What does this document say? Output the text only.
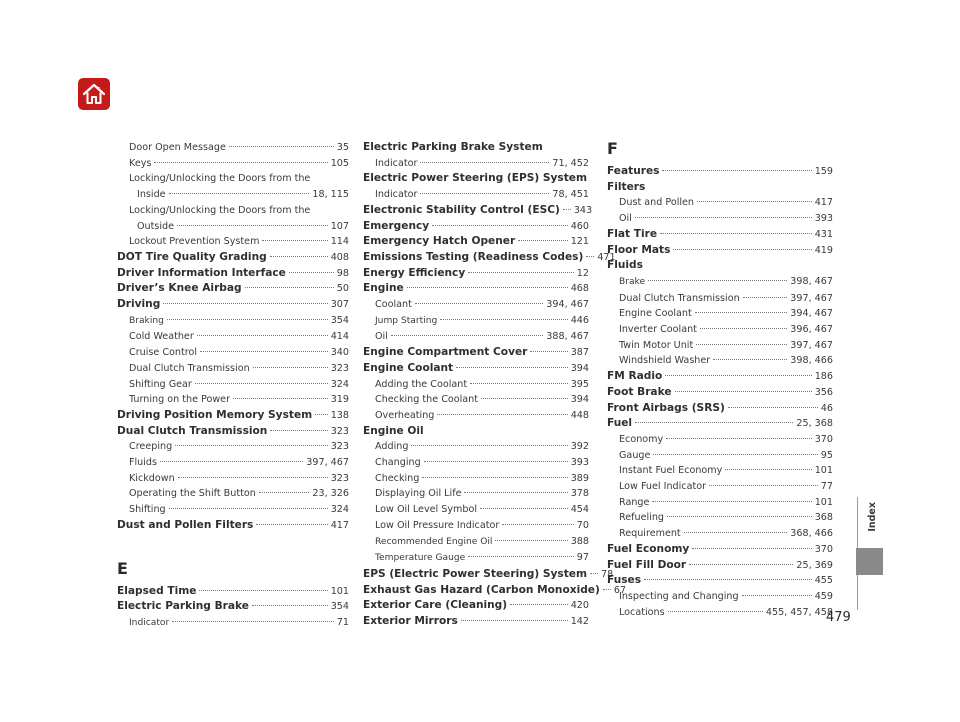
Door Open Message	35
Keys	105
Locking/Unlocking the Doors from the
Inside	18, 115
Locking/Unlocking the Doors from the
Outside	107
Lockout Prevention System	114
DOT Tire Quality Grading	408
Driver Information Interface	98
Driver’s Knee Airbag	50
Driving	307
Braking	354
Cold Weather	414
Cruise Control	340
Dual Clutch Transmission	323
Shifting Gear	324
Turning on the Power	319
Driving Position Memory System 138
Dual Clutch Transmission	323
Creeping	323
Fluids	397, 467
Kickdown	323
Operating the Shift Button	23, 326
Shifting	324
Dust and Pollen Filters	417
E
Elapsed Time	101
Electric Parking Brake	354
Indicator	71
Electric Parking Brake System
Indicator	71, 452
Electric Power Steering (EPS) System
Indicator	78, 451
Electronic Stability Control (ESC) 343
Emergency	460
Emergency Hatch Opener	121
Emissions Testing (Readiness Codes) 471
Energy Efficiency	12
Engine	468
Coolant	394, 467
Jump Starting	446
Oil	388, 467
Engine Compartment Cover	387
Engine Coolant	394
Adding the Coolant	395
Checking the Coolant	394
Overheating	448
Engine Oil
Adding	392
Changing	393
Checking	389
Displaying Oil Life	378
Low Oil Level Symbol	454
Low Oil Pressure Indicator	70
Recommended Engine Oil	388
Temperature Gauge	97
EPS (Electric Power Steering) System 78
Exhaust Gas Hazard (Carbon Monoxide) 67
Exterior Care (Cleaning)	420
Exterior Mirrors	142
F
Features	159
Filters
Dust and Pollen	417
Oil	393
Flat Tire	431
Floor Mats	419
Fluids
Brake	398, 467
Dual Clutch Transmission	397, 467
Engine Coolant	394, 467
Inverter Coolant	396, 467
Twin Motor Unit	397, 467
Windshield Washer	398, 466
FM Radio	186
Foot Brake	356
Front Airbags (SRS)	46
Fuel	25, 368
Economy	370
Gauge	95
Instant Fuel Economy	101
Low Fuel Indicator	77
Range	101
Refueling	368
Requirement	368, 466
Fuel Economy	370
Fuel Fill Door	25, 369
Fuses	455
Inspecting and Changing	459
Locations	455, 457, 458
Index
479
